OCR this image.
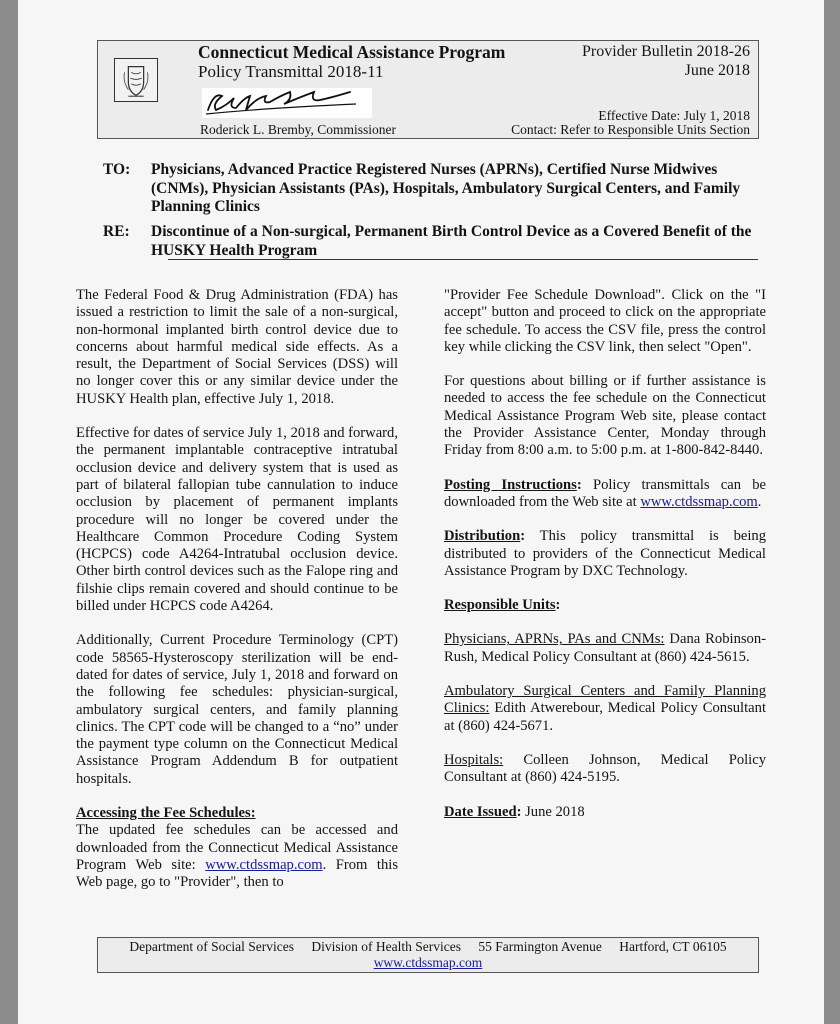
Connecticut Medical Assistance Program
Policy Transmittal 2018-11
Provider Bulletin 2018-26
June 2018
Roderick L. Bremby, Commissioner
Effective Date: July 1, 2018
Contact: Refer to Responsible Units Section
TO: Physicians, Advanced Practice Registered Nurses (APRNs), Certified Nurse Midwives (CNMs), Physician Assistants (PAs), Hospitals, Ambulatory Surgical Centers, and Family Planning Clinics
RE: Discontinue of a Non-surgical, Permanent Birth Control Device as a Covered Benefit of the HUSKY Health Program

The Federal Food & Drug Administration (FDA) has issued a restriction to limit the sale of a non-surgical, non-hormonal implanted birth control device due to concerns about harmful medical side effects. As a result, the Department of Social Services (DSS) will no longer cover this or any similar device under the HUSKY Health plan, effective July 1, 2018.

Effective for dates of service July 1, 2018 and forward, the permanent implantable contraceptive intratubal occlusion device and delivery system that is used as part of bilateral fallopian tube cannulation to induce occlusion by placement of permanent implants procedure will no longer be covered under the Healthcare Common Procedure Coding System (HCPCS) code A4264-Intratubal occlusion device. Other birth control devices such as the Falope ring and filshie clips remain covered and should continue to be billed under HCPCS code A4264.

Additionally, Current Procedure Terminology (CPT) code 58565-Hysteroscopy sterilization will be end-dated for dates of service, July 1, 2018 and forward on the following fee schedules: physician-surgical, ambulatory surgical centers, and family planning clinics. The CPT code will be changed to a “no” under the payment type column on the Connecticut Medical Assistance Program Addendum B for outpatient hospitals.

Accessing the Fee Schedules:
The updated fee schedules can be accessed and downloaded from the Connecticut Medical Assistance Program Web site: www.ctdssmap.com. From this Web page, go to "Provider", then to

"Provider Fee Schedule Download". Click on the "I accept" button and proceed to click on the appropriate fee schedule. To access the CSV file, press the control key while clicking the CSV link, then select "Open".

For questions about billing or if further assistance is needed to access the fee schedule on the Connecticut Medical Assistance Program Web site, please contact the Provider Assistance Center, Monday through Friday from 8:00 a.m. to 5:00 p.m. at 1-800-842-8440.

Posting Instructions: Policy transmittals can be downloaded from the Web site at www.ctdssmap.com.

Distribution: This policy transmittal is being distributed to providers of the Connecticut Medical Assistance Program by DXC Technology.

Responsible Units:

Physicians, APRNs, PAs and CNMs: Dana Robinson-Rush, Medical Policy Consultant at (860) 424-5615.

Ambulatory Surgical Centers and Family Planning Clinics: Edith Atwerebour, Medical Policy Consultant at (860) 424-5671.

Hospitals: Colleen Johnson, Medical Policy Consultant at (860) 424-5195.

Date Issued: June 2018

Department of Social Services Division of Health Services 55 Farmington Avenue Hartford, CT 06105
www.ctdssmap.com
